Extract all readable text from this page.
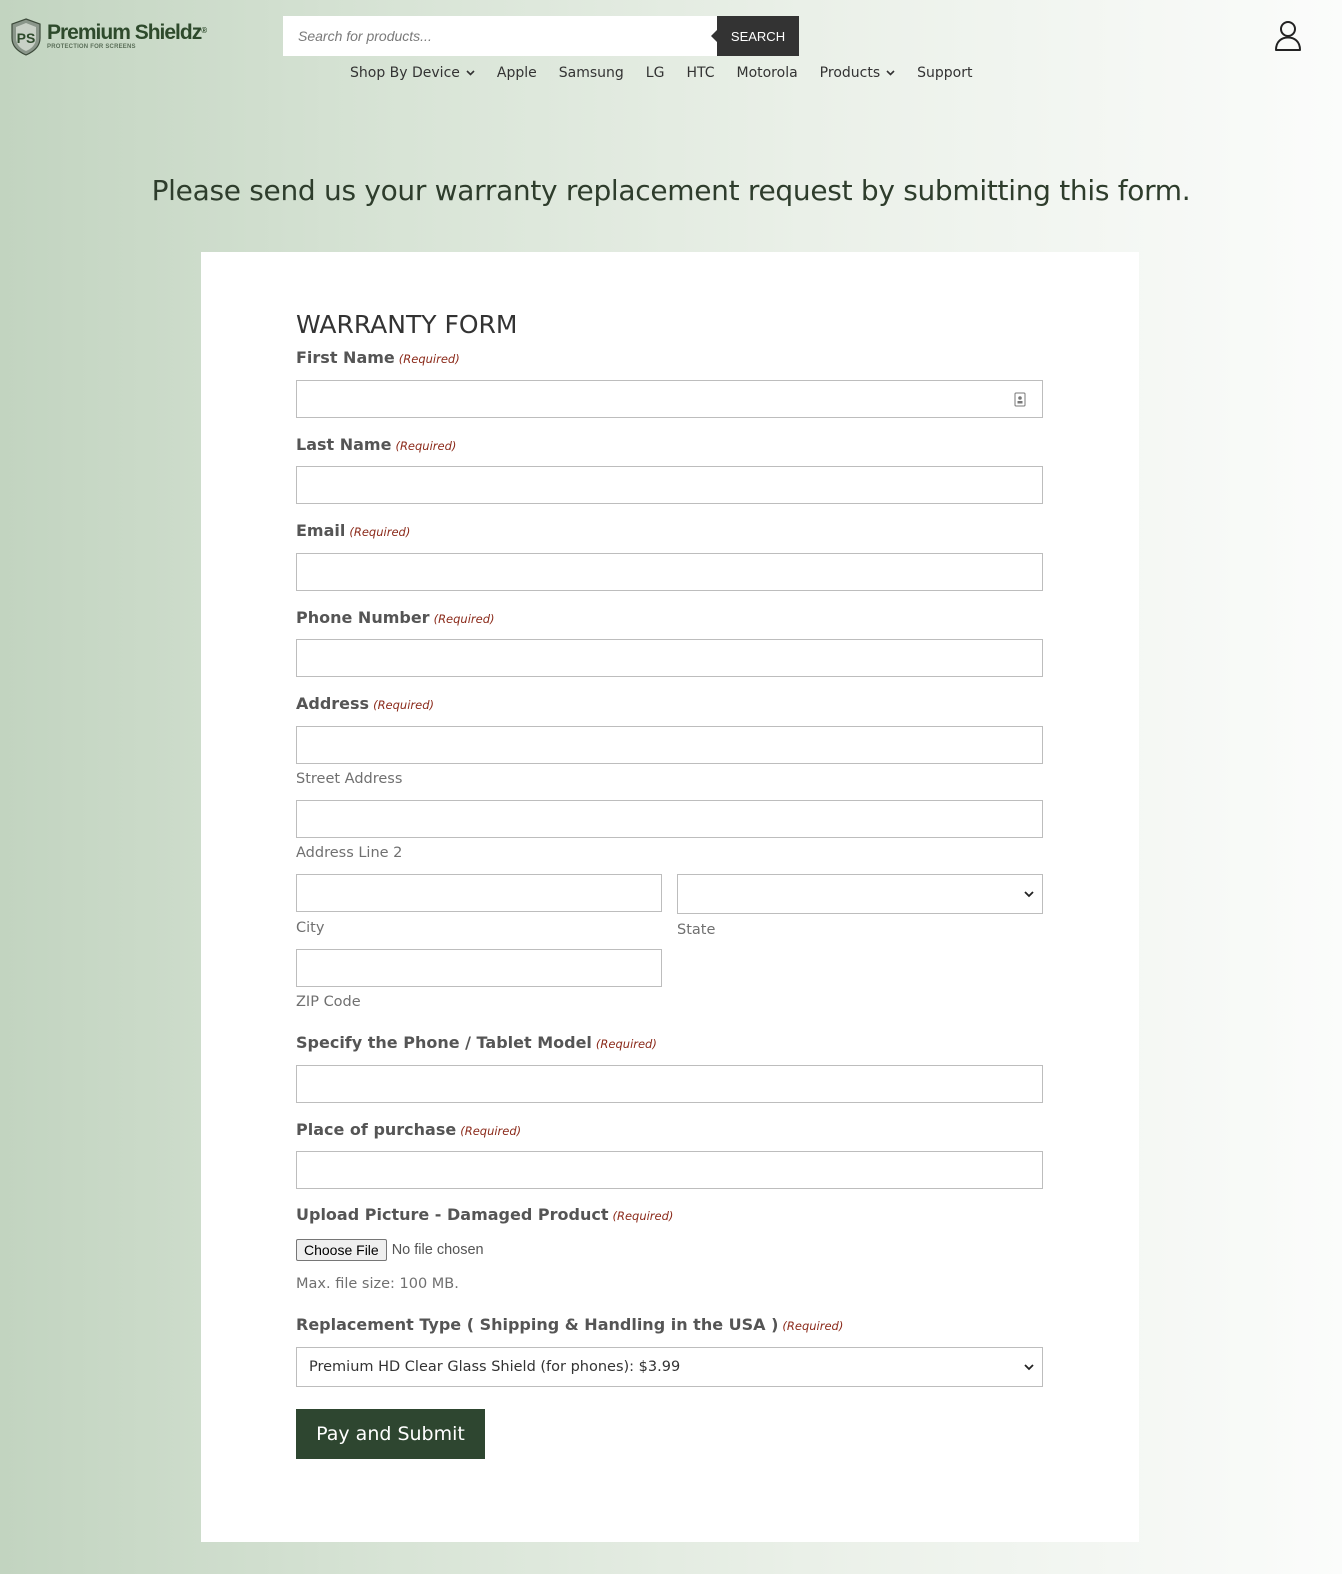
PS Premium Shieldz®
PROTECTION FOR SCREENS
Search for products...
SEARCH
Shop By Device	Apple Samsung LG HTC Motorola Products	Support
Please send us your warranty replacement request by submitting this form.
WARRANTY FORM
First Name (Required)
Last Name (Required)
Email (Required)
Phone Number (Required)
Address (Required)
Street Address
Address Line 2
City	State
ZIP Code
Specify the Phone / Tablet Model (Required)
Place of purchase (Required)
Upload Picture - Damaged Product (Required)
Choose File No file chosen
Max. file size: 100 MB.
Replacement Type ( Shipping & Handling in the USA ) (Required)
Premium HD Clear Glass Shield (for phones): $3.99
Pay and Submit
